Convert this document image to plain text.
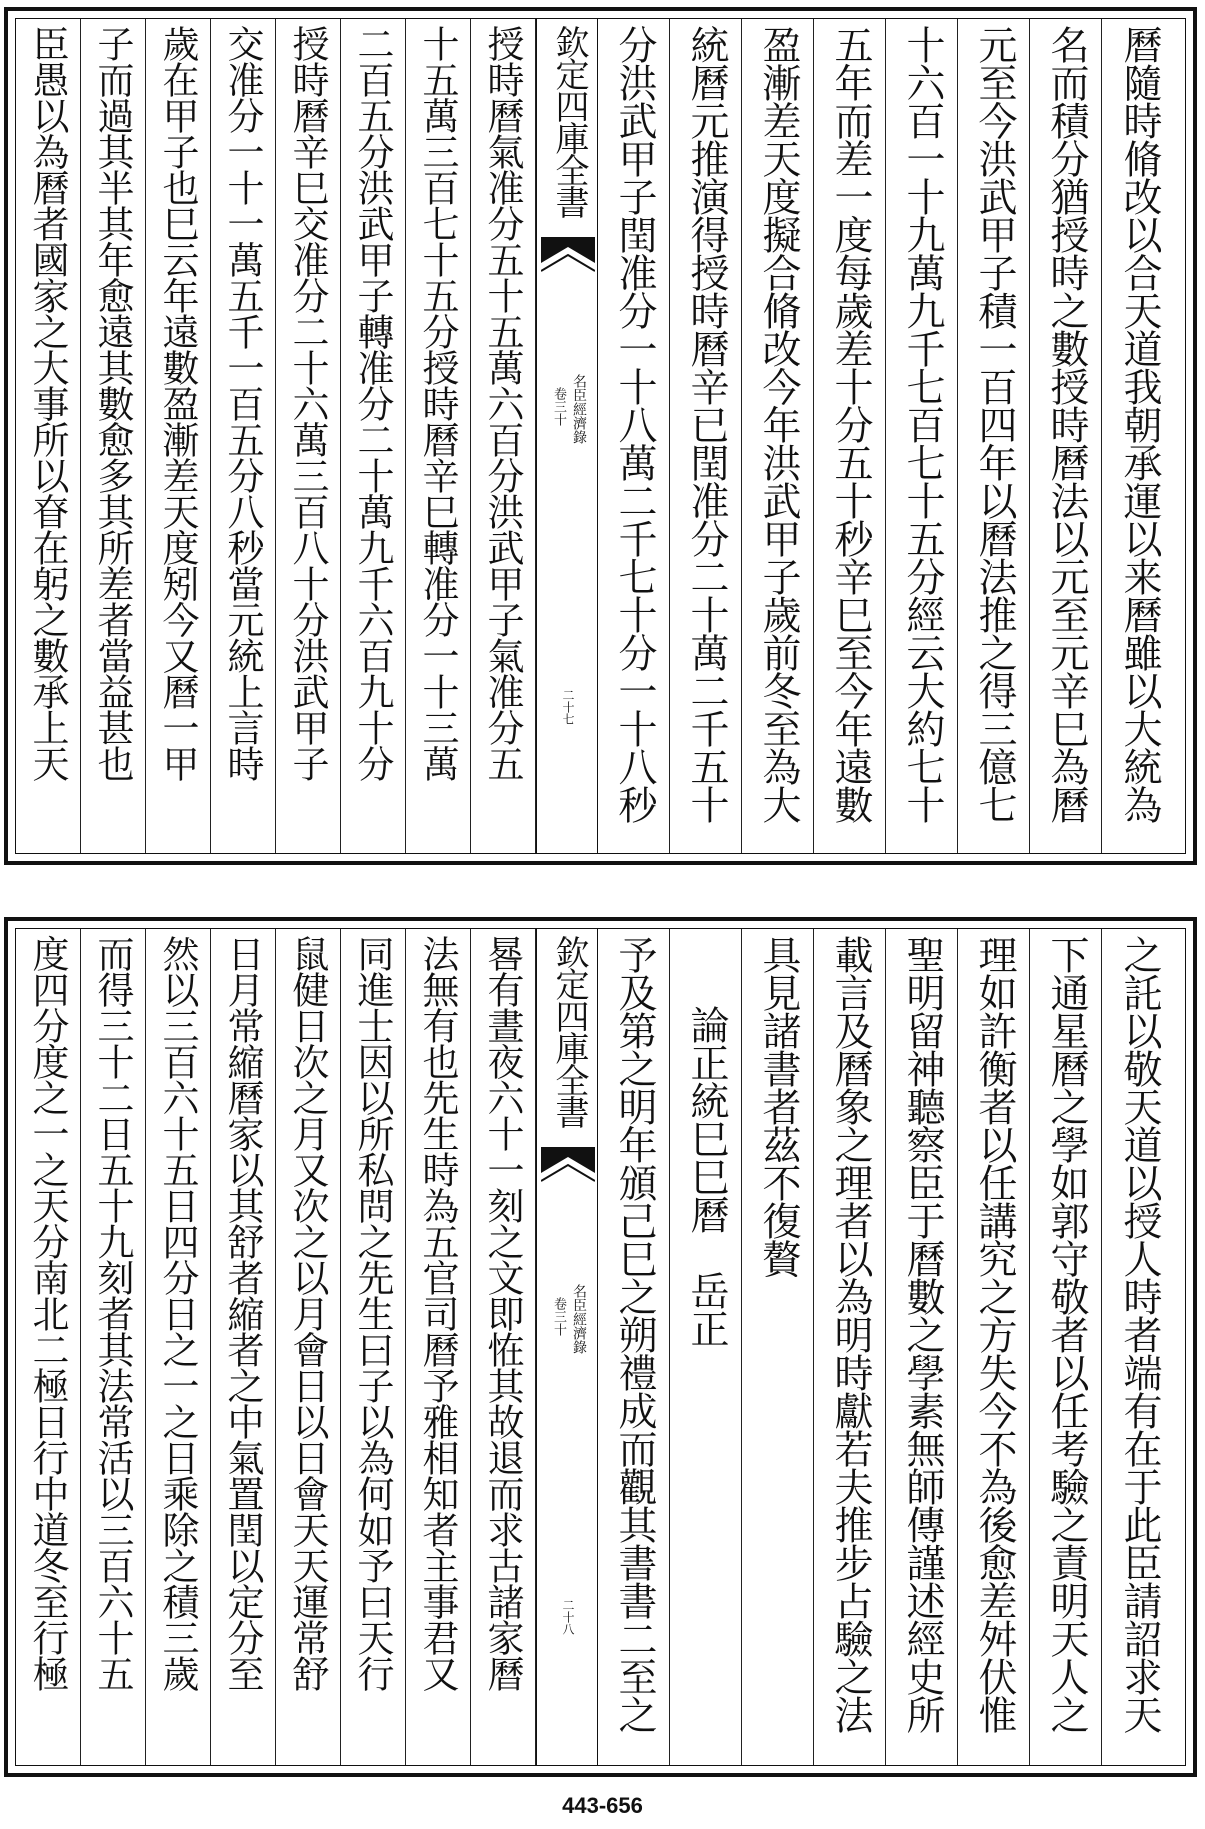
曆隨時脩改以合天道我朝承運以来曆雖以大統為
名而積分猶授時之數授時曆法以元至元辛巳為曆
元至今洪武甲子積一百四年以曆法推之得三億七
十六百一十九萬九千七百七十五分經云大約七十
五年而差一度每歲差十分五十秒辛巳至今年遠數
盈漸差天度擬合脩改今年洪武甲子歲前冬至為大
統曆元推演得授時曆辛已閏准分二十萬二千五十
分洪武甲子閏准分一十八萬二千七十分一十八秒
欽定四庫全書
名臣經濟錄
卷三十
二十七
授時曆氣准分五十五萬六百分洪武甲子氣准分五
十五萬三百七十五分授時曆辛巳轉准分一十三萬
二百五分洪武甲子轉准分二十萬九千六百九十分
授時曆辛巳交准分二十六萬三百八十分洪武甲子
交准分一十一萬五千一百五分八秒當元統上言時
歲在甲子也巳云年遠數盈漸差天度矧今又曆一甲
子而過其半其年愈遠其數愈多其所差者當益甚也
臣愚以為曆者國家之大事所以眘在躬之數承上天
之託以敬天道以授人時者端有在于此臣請詔求天
下通星曆之學如郭守敬者以任考驗之責明天人之
理如許衡者以任講究之方失今不為後愈差舛伏惟
聖明留神聽察臣于曆數之學素無師傳謹述經史所
載言及曆象之理者以為明時獻若夫推步占驗之法
具見諸書者茲不復贅
論正統巳巳曆　岳正
予及第之明年頒己巳之朔禮成而觀其書書二至之
欽定四庫全書
名臣經濟錄
卷三十
二十八
晷有晝夜六十一刻之文即恠其故退而求古諸家曆
法無有也先生時為五官司曆予雅相知者主事君又
同進士因以所私問之先生曰子以為何如予曰天行
鼠健日次之月又次之以月會日以日會天天運常舒
日月常縮曆家以其舒者縮者之中氣置閏以定分至
然以三百六十五日四分日之一之日乘除之積三歲
而得三十二日五十九刻者其法常活以三百六十五
度四分度之一之天分南北二極日行中道冬至行極
443-656
